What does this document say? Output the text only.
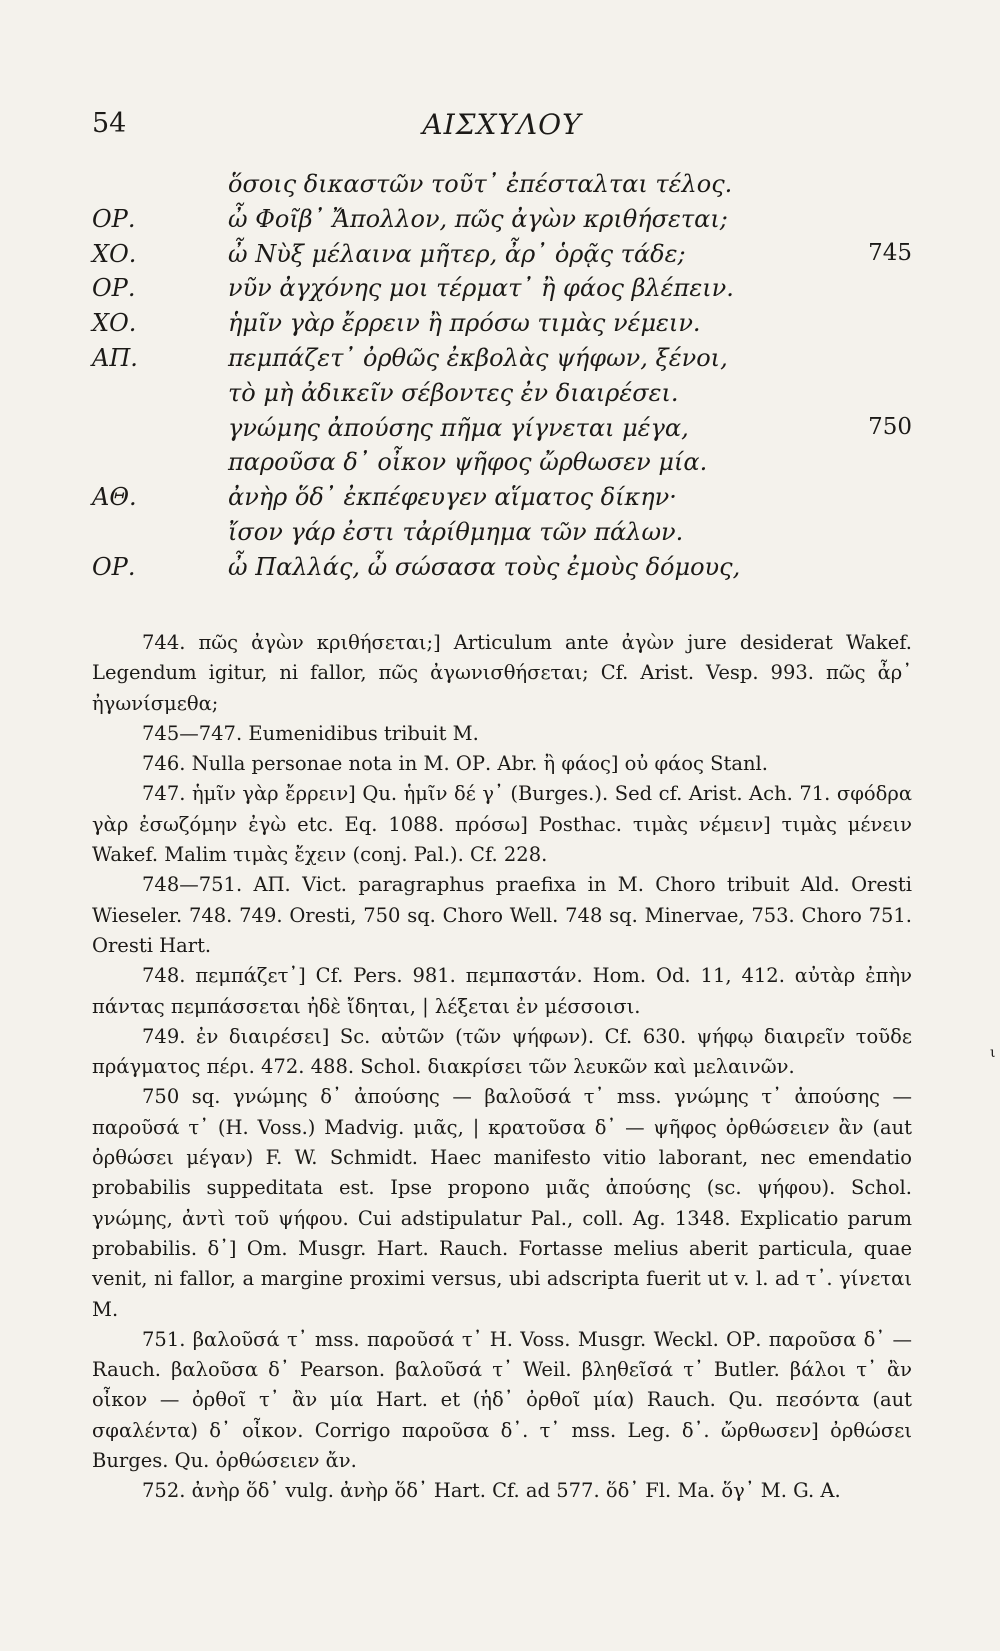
54	ΑΙΣΧΥΛΟΥ
ὅσοις δικαστῶν τοῦτ᾽ ἐπέσταλται τέλος.
ΟΡ.	ὦ Φοῖβ᾽ Ἄπολλον, πῶς ἀγὼν κριθήσεται;
ΧΟ.	ὦ Νὺξ μέλαινα μῆτερ, ἆρ᾽ ὁρᾷς τάδε;	745
ΟΡ.	νῦν ἀγχόνης μοι τέρματ᾽ ἢ φάος βλέπειν.
ΧΟ.	ἡμῖν γὰρ ἔρρειν ἢ πρόσω τιμὰς νέμειν.
ΑΠ.	πεμπάζετ᾽ ὀρθῶς ἐκβολὰς ψήφων, ξένοι,
τὸ μὴ ἀδικεῖν σέβοντες ἐν διαιρέσει.
γνώμης ἀπούσης πῆμα γίγνεται μέγα,	750
παροῦσα δ᾽ οἶκον ψῆφος ὤρθωσεν μία.
ΑΘ.	ἀνὴρ ὅδ᾽ ἐκπέφευγεν αἵματος δίκην·
ἴσον γάρ ἐστι τἀρίθμημα τῶν πάλων.
ΟΡ.	ὦ Παλλάς, ὦ σώσασα τοὺς ἐμοὺς δόμους,

744. πῶς ἀγὼν κριθήσεται;] Articulum ante ἀγὼν jure desiderat Wakef. Legendum igitur, ni fallor, πῶς ἀγωνισθήσεται; Cf. Arist. Vesp. 993. πῶς ἆρ᾽ ἠγωνίσμεθα;

745—747. Eumenidibus tribuit M.

746. Nulla personae nota in M. ΟΡ. Abr. ἢ φάος] οὐ φάος Stanl.

747. ἡμῖν γὰρ ἔρρειν] Qu. ἡμῖν δέ γ᾽ (Burges.). Sed cf. Arist. Ach. 71. σφόδρα γὰρ ἐσωζόμην ἐγὼ etc. Eq. 1088. πρόσω] Posthac. τιμὰς νέμειν] τιμὰς μένειν Wakef. Malim τιμὰς ἔχειν (conj. Pal.). Cf. 228.

748—751. ΑΠ. Vict. paragraphus praefixa in M. Choro tribuit Ald. Oresti Wieseler. 748. 749. Oresti, 750 sq. Choro Well. 748 sq. Minervae, 753. Choro 751. Oresti Hart.

748. πεμπάζετ᾽] Cf. Pers. 981. πεμπαστάν. Hom. Od. 11, 412. αὐτὰρ ἐπὴν πάντας πεμπάσσεται ἠδὲ ἴδηται, | λέξεται ἐν μέσσοισι.

749. ἐν διαιρέσει] Sc. αὐτῶν (τῶν ψήφων). Cf. 630. ψήφῳ διαιρεῖν τοῦδε πράγματος πέρι. 472. 488. Schol. διακρίσει τῶν λευκῶν καὶ μελαινῶν.

750 sq. γνώμης δ᾽ ἀπούσης — βαλοῦσά τ᾽ mss. γνώμης τ᾽ ἀπούσης — παροῦσά τ᾽ (H. Voss.) Madvig. μιᾶς, | κρατοῦσα δ᾽ — ψῆφος ὀρθώσειεν ἂν (aut ὀρθώσει μέγαν) F. W. Schmidt. Haec manifesto vitio laborant, nec emendatio probabilis suppeditata est. Ipse propono μιᾶς ἀπούσης (sc. ψήφου). Schol. γνώμης, ἀντὶ τοῦ ψήφου. Cui adstipulatur Pal., coll. Ag. 1348. Explicatio parum probabilis. δ᾽] Om. Musgr. Hart. Rauch. Fortasse melius aberit particula, quae venit, ni fallor, a margine proximi versus, ubi adscripta fuerit ut v. l. ad τ᾽. γίνεται M.

751. βαλοῦσά τ᾽ mss. παροῦσά τ᾽ H. Voss. Musgr. Weckl. ΟΡ. παροῦσα δ᾽ — Rauch. βαλοῦσα δ᾽ Pearson. βαλοῦσά τ᾽ Weil. βληθεῖσά τ᾽ Butler. βάλοι τ᾽ ἂν οἶκον — ὀρθοῖ τ᾽ ἂν μία Hart. et (ἡδ᾽ ὀρθοῖ μία) Rauch. Qu. πεσόντα (aut σφαλέντα) δ᾽ οἶκον. Corrigo παροῦσα δ᾽. τ᾽ mss. Leg. δ᾽. ὤρθωσεν] ὀρθώσει Burges. Qu. ὀρθώσειεν ἄν.

752. ἀνὴρ ὅδ᾽ vulg. ἀνὴρ ὅδ᾽ Hart. Cf. ad 577. ὅδ᾽ Fl. Ma. ὅγ᾽ M. G. A.

ι
